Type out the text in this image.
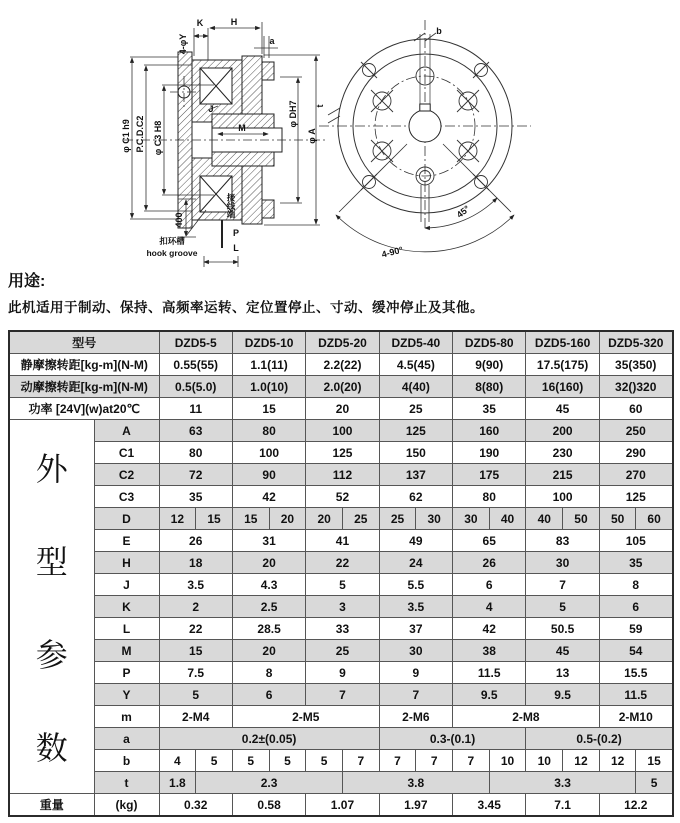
4-φY
K	H
a
φ C1 h9 P.C.D.C2 φ C3 H8
J
M
φ DH7
φ A
400
接线端
P
L
扣环槽
hook groove
b
t
45°
4-90°
用途:
此机适用于制动、保持、高频率运转、定位置停止、寸动、缓冲停止及其他。
型号		DZD5-5		DZD5-10		DZD5-20		DZD5-40		DZD5-80		DZD5-160		DZD5-320	
静摩擦转距[kg-m](N-M)		0.55(55)		1.1(11)		2.2(22)		4.5(45)		9(90)		17.5(175)		35(350)	
动摩擦转距[kg-m](N-M)		0.5(5.0)		1.0(10)		2.0(20)		4(40)		8(80)		16(160)		32()320	
功率 [24V](w)at20℃		11		15		20		25		35		45		60	

外
型
参
数	A	63		80		100		125		160		200		250	
	C1	80		100		125		150		190		230		290	
	C2	72		90		112		137		175		215		270	
	C3	35		42		52		62		80		100		125	
	D	12	15	15	20	20	25	25	30	30	40	40	50	50	60
	E	26		31		41		49		65		83		105	
	H	18		20		22		24		26		30		35	
	J	3.5		4.3		5		5.5		6		7		8	
	K	2		2.5		3		3.5		4		5		6	
	L	22		28.5		33		37		42		50.5		59	
	M	15		20		25		30		38		45		54	
	P	7.5		8		9		9		11.5		13		15.5	
	Y	5		6		7		7		9.5		9.5		11.5	
	m	2-M4		2-M5				2-M6		2-M8				2-M10	
	a	0.2±(0.05)						0.3-(0.1)				0.5-(0.2)			
	b	4	5	5	5	5	7	7	7	7	10	10	12	12	15
	t	1.8	2.3				3.8				3.3				5
重量	(kg)	0.32		0.58		1.07		1.97		3.45		7.1		12.2	
